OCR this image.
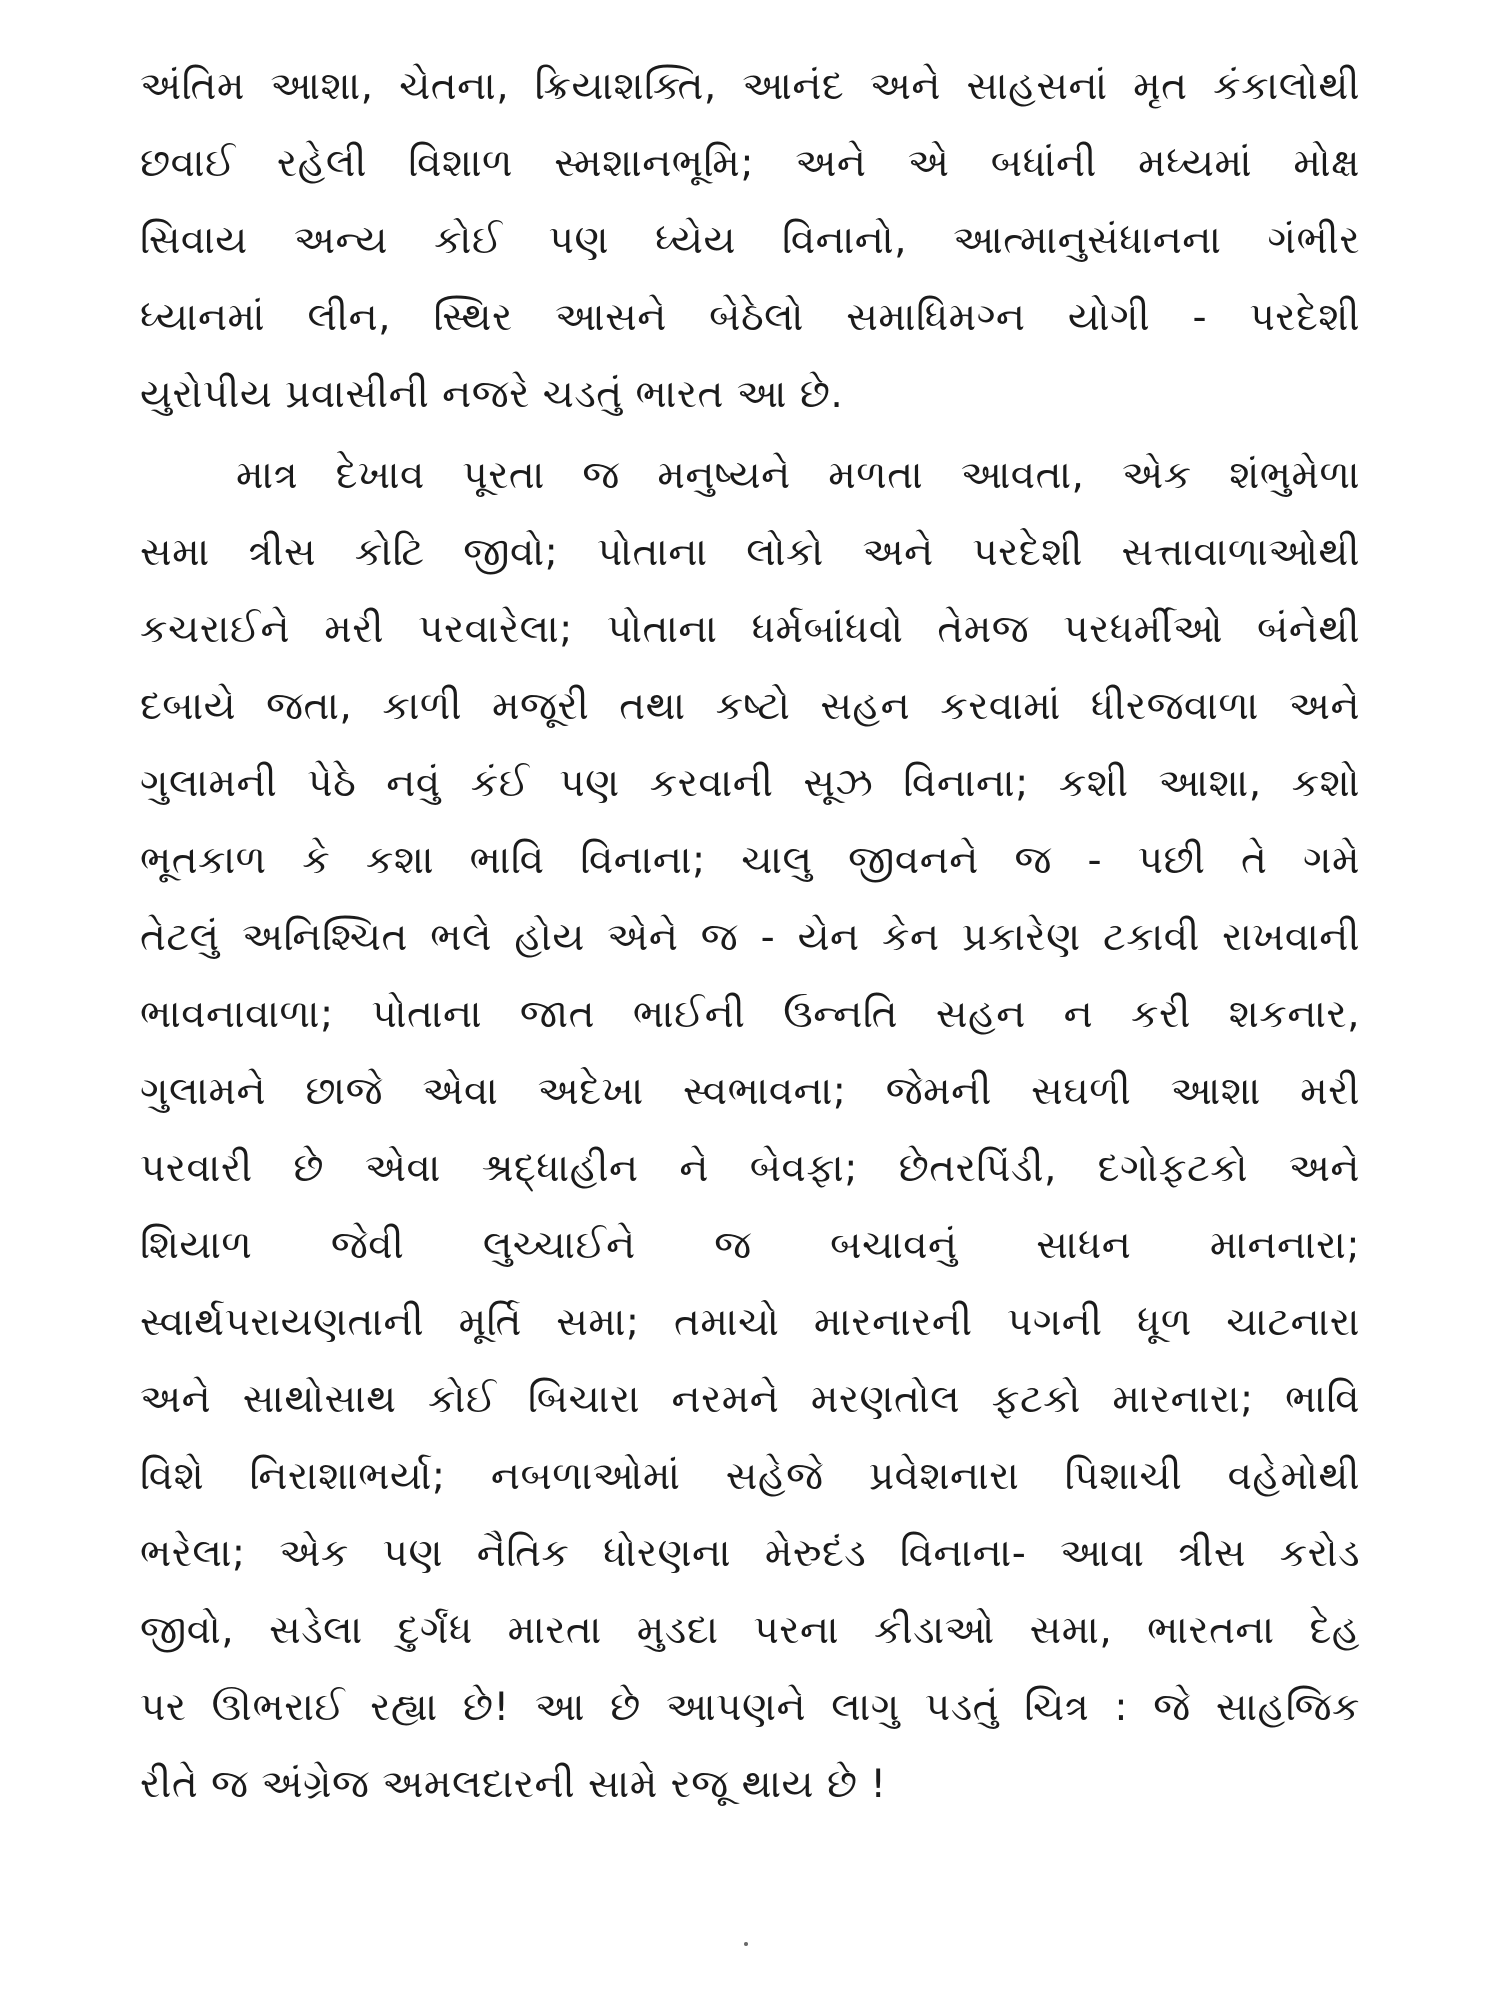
અંતિમ આશા, ચેતના, ક્રિયાશક્તિ, આનંદ અને સાહસનાં મૃત કંકાલોથી
છવાઈ રહેલી વિશાળ સ્મશાનભૂમિ; અને એ બધાંની મધ્યમાં મોક્ષ
સિવાય અન્ય કોઈ પણ ધ્યેય વિનાનો, આત્માનુસંધાનના ગંભીર
ધ્યાનમાં લીન, સ્થિર આસને બેઠેલો સમાધિમગ્ન યોગી - પરદેશી
યુરોપીય પ્રવાસીની નજરે ચડતું ભારત આ છે.
માત્ર દેખાવ પૂરતા જ મનુષ્યને મળતા આવતા, એક શંભુમેળા
સમા ત્રીસ કોટિ જીવો; પોતાના લોકો અને પરદેશી સત્તાવાળાઓથી
કચરાઈને મરી પરવારેલા; પોતાના ધર્મબાંધવો તેમજ પરધર્મીઓ બંનેથી
દબાયે જતા, કાળી મજૂરી તથા કષ્ટો સહન કરવામાં ધીરજવાળા અને
ગુલામની પેઠે નવું કંઈ પણ કરવાની સૂઝ વિનાના; કશી આશા, કશો
ભૂતકાળ કે કશા ભાવિ વિનાના; ચાલુ જીવનને જ - પછી તે ગમે
તેટલું અનિશ્ચિત ભલે હોય એને જ - યેન કેન પ્રકારેણ ટકાવી રાખવાની
ભાવનાવાળા; પોતાના જાત ભાઈની ઉન્નતિ સહન ન કરી શકનાર,
ગુલામને છાજે એવા અદેખા સ્વભાવના; જેમની સઘળી આશા મરી
પરવારી છે એવા શ્રદ્ધાહીન ને બેવફા; છેતરપિંડી, દગોફટકો અને
શિયાળ જેવી લુચ્ચાઈને જ બચાવનું સાધન માનનારા;
સ્વાર્થપરાયણતાની મૂર્તિ સમા; તમાચો મારનારની પગની ધૂળ ચાટનારા
અને સાથોસાથ કોઈ બિચારા નરમને મરણતોલ ફટકો મારનારા; ભાવિ
વિશે નિરાશાભર્યા; નબળાઓમાં સહેજે પ્રવેશનારા પિશાચી વહેમોથી
ભરેલા; એક પણ નૈતિક ધોરણના મેરુદંડ વિનાના- આવા ત્રીસ કરોડ
જીવો, સડેલા દુર્ગંધ મારતા મુડદા પરના કીડાઓ સમા, ભારતના દેહ
પર ઊભરાઈ રહ્યા છે! આ છે આપણને લાગુ પડતું ચિત્ર : જે સાહજિક
રીતે જ અંગ્રેજ અમલદારની સામે રજૂ થાય છે !
